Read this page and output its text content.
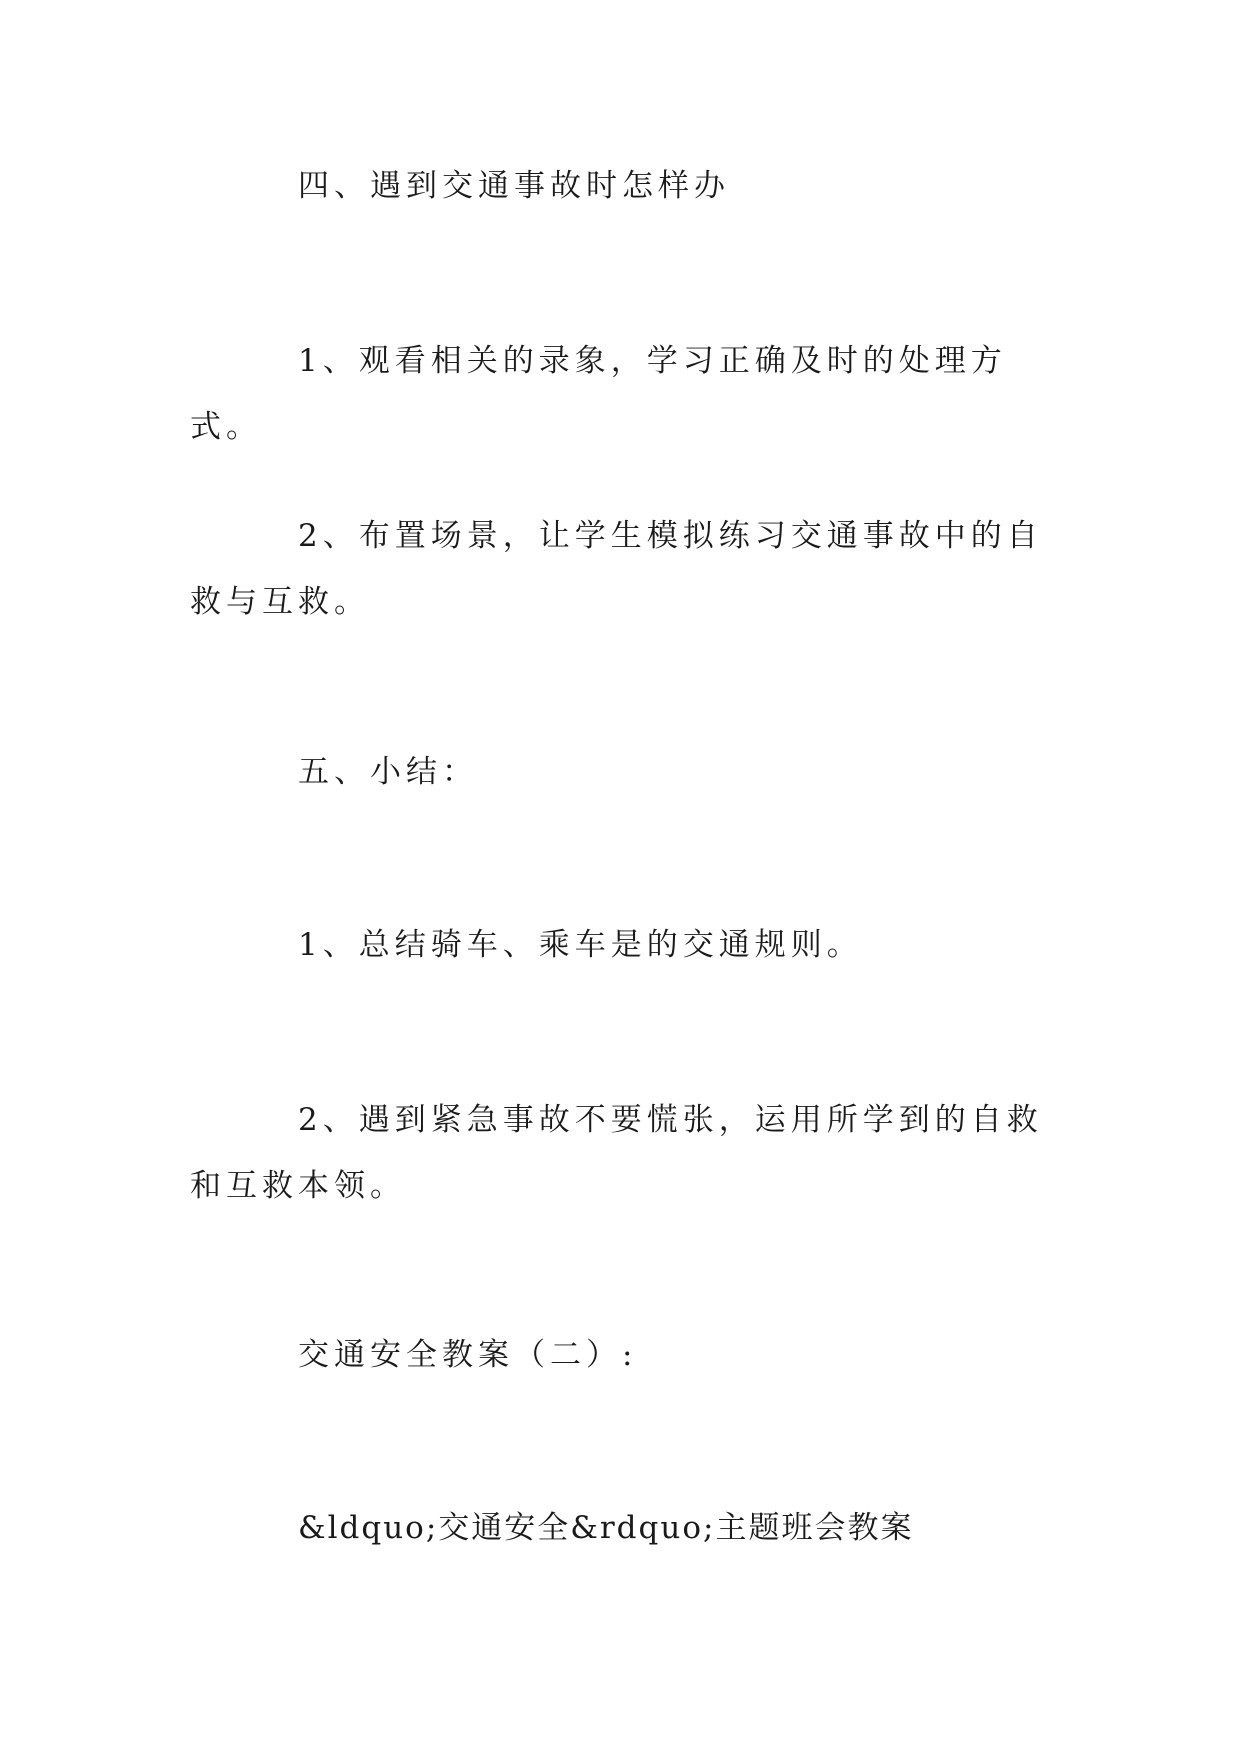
四、遇到交通事故时怎样办

1、观看相关的录象，学习正确及时的处理方式。

2、布置场景，让学生模拟练习交通事故中的自救与互救。

五、小结：

1、总结骑车、乘车是的交通规则。

2、遇到紧急事故不要慌张，运用所学到的自救和互救本领。

交通安全教案（二）:

&ldquo;交通安全&rdquo;主题班会教案
